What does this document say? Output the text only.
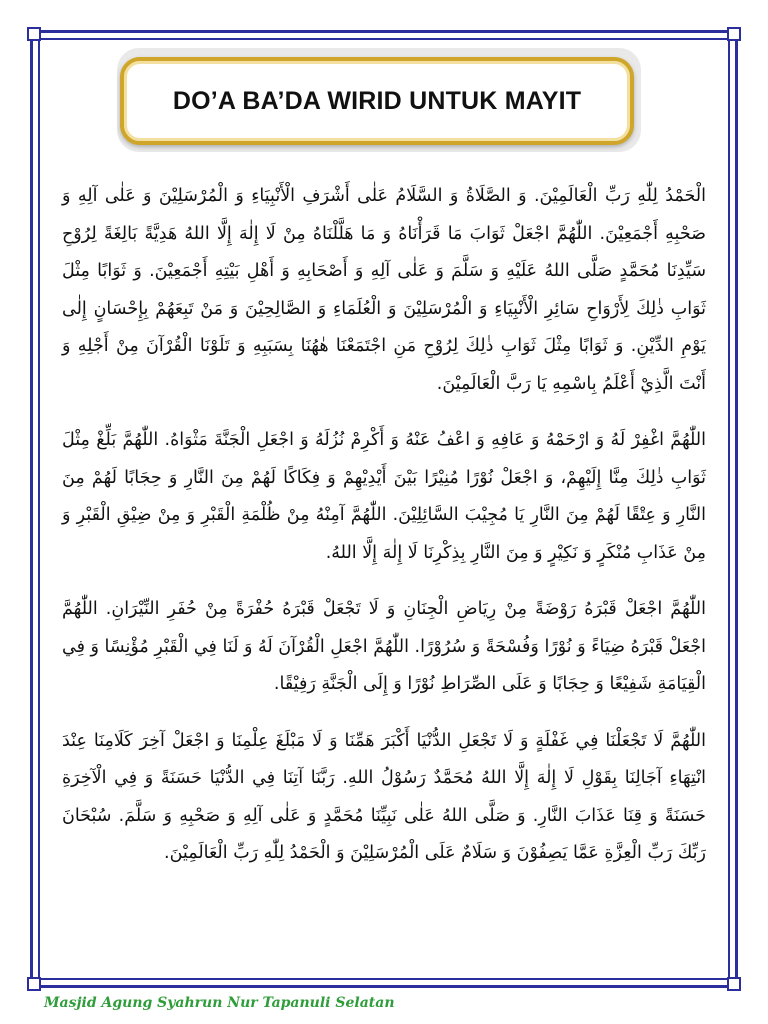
DO’A BA’DA WIRID UNTUK MAYIT

الْحَمْدُ لِلّٰهِ رَبِّ الْعَالَمِيْنَ. وَ الصَّلَاةُ وَ السَّلَامُ عَلٰى أَشْرَفِ الْأَنْبِيَاءِ وَ الْمُرْسَلِيْنَ وَ عَلٰى آلِهِ وَ صَحْبِهِ أَجْمَعِيْنَ. اللّٰهُمَّ اجْعَلْ ثَوَابَ مَا قَرَأْنَاهُ وَ مَا هَلَّلْنَاهُ مِنْ لَا إِلٰهَ إِلَّا اللهُ هَدِيَّةً بَالِغَةً لِرُوْحِ سَيِّدِنَا مُحَمَّدٍ صَلَّى اللهُ عَلَيْهِ وَ سَلَّمَ وَ عَلٰى آلِهِ وَ أَصْحَابِهِ وَ أَهْلِ بَيْتِهِ أَجْمَعِيْنَ. وَ ثَوَابًا مِثْلَ ثَوَابِ ذٰلِكَ لِأَرْوَاحِ سَائِرِ الْأَنْبِيَاءِ وَ الْمُرْسَلِيْنَ وَ الْعُلَمَاءِ وَ الصَّالِحِيْنَ وَ مَنْ تَبِعَهُمْ بِإِحْسَانٍ إِلٰى يَوْمِ الدِّيْنِ. وَ ثَوَابًا مِثْلَ ثَوَابِ ذٰلِكَ لِرُوْحِ مَنِ اجْتَمَعْنَا هٰهُنَا بِسَبَبِهِ وَ تَلَوْنَا الْقُرْآنَ مِنْ أَجْلِهِ وَ أَنْتَ الَّذِيْ أَعْلَمُ بِاسْمِهِ يَا رَبَّ الْعَالَمِيْنَ.

اللّٰهُمَّ اغْفِرْ لَهُ وَ ارْحَمْهُ وَ عَافِهِ وَ اعْفُ عَنْهُ وَ أَكْرِمْ نُزُلَهُ وَ اجْعَلِ الْجَنَّةَ مَثْوَاهُ. اللّٰهُمَّ بَلِّغْ مِثْلَ ثَوَابِ ذٰلِكَ مِنَّا إِلَيْهِمْ، وَ اجْعَلْ نُوْرًا مُنِيْرًا بَيْنَ أَيْدِيْهِمْ وَ فِكَاكًا لَهُمْ مِنَ النَّارِ وَ حِجَابًا لَهُمْ مِنَ النَّارِ وَ عِتْقًا لَهُمْ مِنَ النَّارِ يَا مُجِيْبَ السَّائِلِيْنَ. اللّٰهُمَّ آمِنْهُ مِنْ ظُلْمَةِ الْقَبْرِ وَ مِنْ ضِيْقِ الْقَبْرِ وَ مِنْ عَذَابِ مُنْكَرٍ وَ نَكِيْرٍ وَ مِنَ النَّارِ بِذِكْرِنَا لَا إِلٰهَ إِلَّا اللهُ.

اللّٰهُمَّ اجْعَلْ قَبْرَهُ رَوْضَةً مِنْ رِيَاضِ الْجِنَانِ وَ لَا تَجْعَلْ قَبْرَهُ حُفْرَةً مِنْ حُفَرِ النِّيْرَانِ. اللّٰهُمَّ اجْعَلْ قَبْرَهُ ضِيَاءً وَ نُوْرًا وَفُسْحَةً وَ سُرُوْرًا. اللّٰهُمَّ اجْعَلِ الْقُرْآنَ لَهُ وَ لَنَا فِي الْقَبْرِ مُؤْنِسًا وَ فِي الْقِيَامَةِ شَفِيْعًا وَ حِجَابًا وَ عَلَى الصِّرَاطِ نُوْرًا وَ إِلَى الْجَنَّةِ رَفِيْقًا.

اللّٰهُمَّ لَا تَجْعَلْنَا فِي غَفْلَةٍ وَ لَا تَجْعَلِ الدُّنْيَا أَكْبَرَ هَمِّنَا وَ لَا مَبْلَغَ عِلْمِنَا وَ اجْعَلْ آخِرَ كَلَامِنَا عِنْدَ انْتِهَاءِ آجَالِنَا بِقَوْلِ لَا إِلٰهَ إِلَّا اللهُ مُحَمَّدٌ رَسُوْلُ اللهِ. رَبَّنَا آتِنَا فِي الدُّنْيَا حَسَنَةً وَ فِي الْآخِرَةِ حَسَنَةً وَ قِنَا عَذَابَ النَّارِ. وَ صَلَّى اللهُ عَلٰى نَبِيِّنَا مُحَمَّدٍ وَ عَلٰى آلِهِ وَ صَحْبِهِ وَ سَلَّمَ. سُبْحَانَ رَبِّكَ رَبِّ الْعِزَّةِ عَمَّا يَصِفُوْنَ وَ سَلَامٌ عَلَى الْمُرْسَلِيْنَ وَ الْحَمْدُ لِلّٰهِ رَبِّ الْعَالَمِيْنَ.

Masjid Agung Syahrun Nur Tapanuli Selatan
